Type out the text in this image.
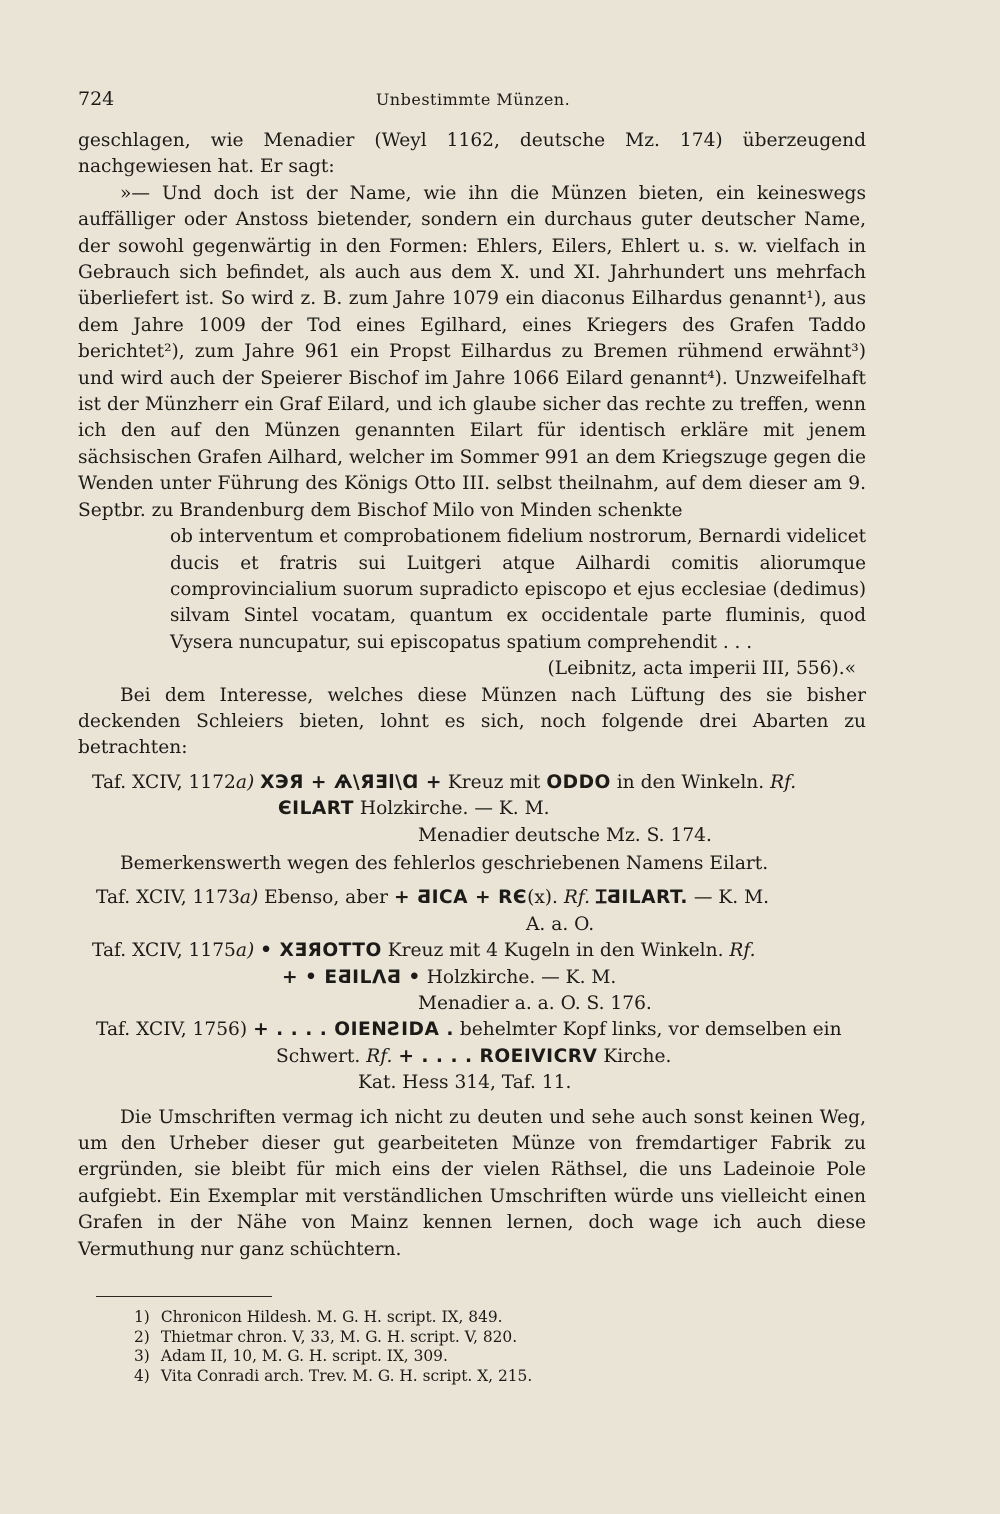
724	Unbestimmte Münzen.

geschlagen, wie Menadier (Weyl 1162, deutsche Mz. 174) überzeugend nachgewiesen hat. Er sagt:

»— Und doch ist der Name, wie ihn die Münzen bieten, ein keineswegs auffälliger oder Anstoss bietender, sondern ein durchaus guter deutscher Name, der sowohl gegenwärtig in den Formen: Ehlers, Eilers, Ehlert u. s. w. vielfach in Gebrauch sich befindet, als auch aus dem X. und XI. Jahrhundert uns mehrfach überliefert ist. So wird z. B. zum Jahre 1079 ein diaconus Eilhardus genannt¹), aus dem Jahre 1009 der Tod eines Egilhard, eines Kriegers des Grafen Taddo berichtet²), zum Jahre 961 ein Propst Eilhardus zu Bremen rühmend erwähnt³) und wird auch der Speierer Bischof im Jahre 1066 Eilard genannt⁴). Unzweifelhaft ist der Münzherr ein Graf Eilard, und ich glaube sicher das rechte zu treffen, wenn ich den auf den Münzen genannten Eilart für identisch erkläre mit jenem sächsischen Grafen Ailhard, welcher im Sommer 991 an dem Kriegszuge gegen die Wenden unter Führung des Königs Otto III. selbst theilnahm, auf dem dieser am 9. Septbr. zu Brandenburg dem Bischof Milo von Minden schenkte

ob interventum et comprobationem fidelium nostrorum, Bernardi videlicet ducis et fratris sui Luitgeri atque Ailhardi comitis aliorumque comprovincialium suorum supradicto episcopo et ejus ecclesiae (dedimus) silvam Sintel vocatam, quantum ex occidentale parte fluminis, quod Vysera nuncupatur, sui episcopatus spatium comprehendit . . .

(Leibnitz, acta imperii III, 556).«

Bei dem Interesse, welches diese Münzen nach Lüftung des sie bisher deckenden Schleiers bieten, lohnt es sich, noch folgende drei Abarten zu betrachten:

Taf. XCIV, 1172a) XЭЯ + Ѧ\ЯƎl\Ɑ + Kreuz mit ODDO in den Winkeln. Rf.
ЄILART Holzkirche. — K. M.
Menadier deutsche Mz. S. 174.

Bemerkenswerth wegen des fehlerlos geschriebenen Namens Eilart.

Taf. XCIV, 1173a) Ebenso, aber + ƋIꓚA + RЄ(x). Rf. ꞮƋILART. — K. M.
A. a. O.
Taf. XCIV, 1175a) • XƎЯOTTO Kreuz mit 4 Kugeln in den Winkeln. Rf.
+ • ЕƋILΛƋ • Holzkirche. — K. M.
Menadier a. a. O. S. 176.
Taf. XCIV, 1756) + . . . . OIENƧIDA . behelmter Kopf links, vor demselben ein
Schwert. Rf. + . . . . ROEIVICRV Kirche.
Kat. Hess 314, Taf. 11.

Die Umschriften vermag ich nicht zu deuten und sehe auch sonst keinen Weg, um den Urheber dieser gut gearbeiteten Münze von fremdartiger Fabrik zu ergründen, sie bleibt für mich eins der vielen Räthsel, die uns Ladeinoie Pole aufgiebt. Ein Exemplar mit verständlichen Umschriften würde uns vielleicht einen Grafen in der Nähe von Mainz kennen lernen, doch wage ich auch diese Vermuthung nur ganz schüchtern.

1) Chronicon Hildesh. M. G. H. script. IX, 849.
2) Thietmar chron. V, 33, M. G. H. script. V, 820.
3) Adam II, 10, M. G. H. script. IX, 309.
4) Vita Conradi arch. Trev. M. G. H. script. X, 215.
